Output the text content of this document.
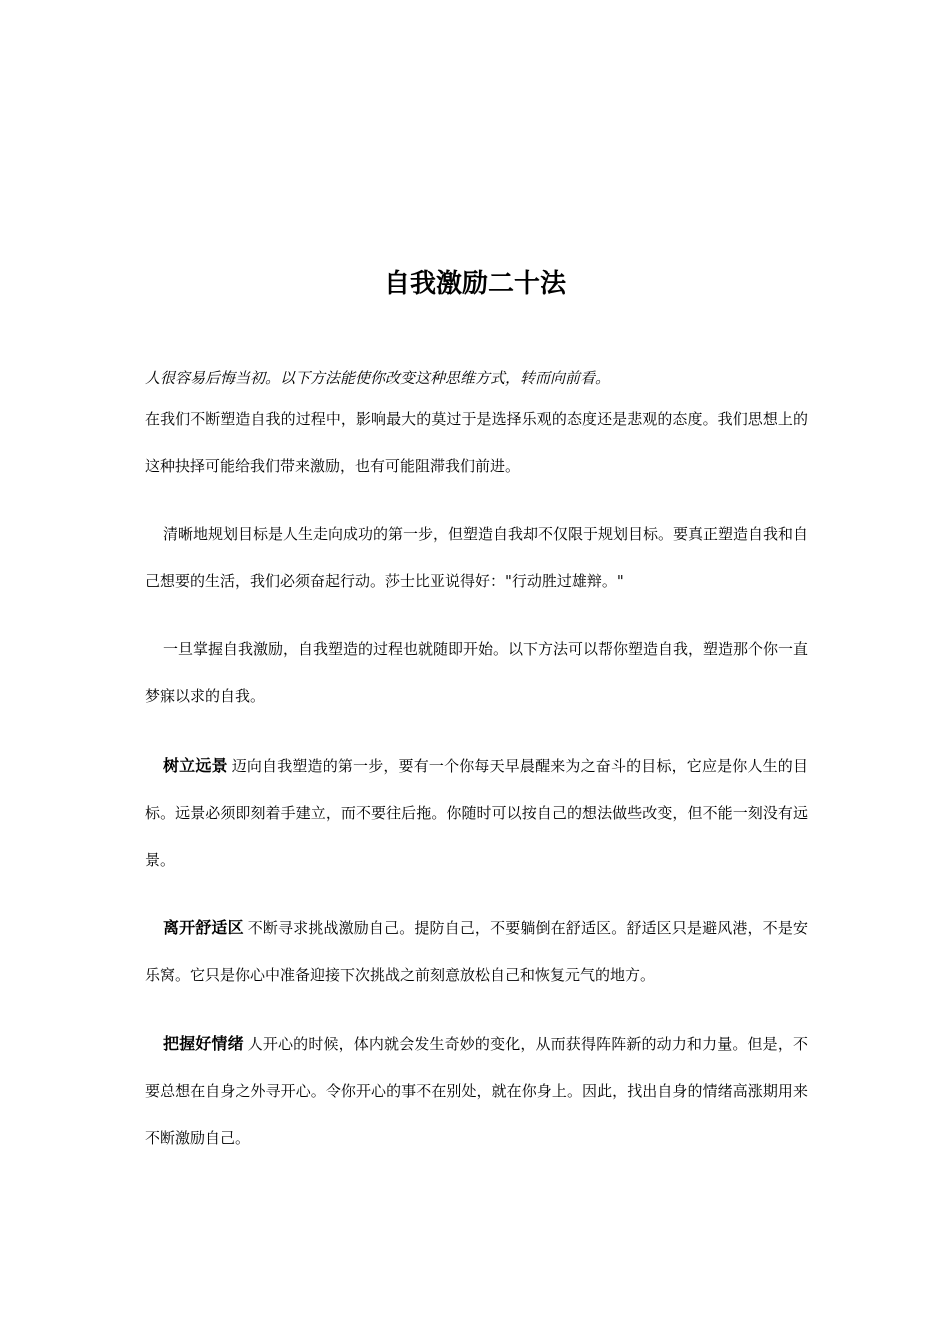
自我激励二十法

人很容易后悔当初。以下方法能使你改变这种思维方式，转而向前看。

在我们不断塑造自我的过程中，影响最大的莫过于是选择乐观的态度还是悲观的态度。我们思想上的这种抉择可能给我们带来激励，也有可能阻滞我们前进。

清晰地规划目标是人生走向成功的第一步，但塑造自我却不仅限于规划目标。要真正塑造自我和自己想要的生活，我们必须奋起行动。莎士比亚说得好："行动胜过雄辩。"

一旦掌握自我激励，自我塑造的过程也就随即开始。以下方法可以帮你塑造自我，塑造那个你一直梦寐以求的自我。

树立远景 迈向自我塑造的第一步，要有一个你每天早晨醒来为之奋斗的目标，它应是你人生的目标。远景必须即刻着手建立，而不要往后拖。你随时可以按自己的想法做些改变，但不能一刻没有远景。

离开舒适区 不断寻求挑战激励自己。提防自己，不要躺倒在舒适区。舒适区只是避风港，不是安乐窝。它只是你心中准备迎接下次挑战之前刻意放松自己和恢复元气的地方。

把握好情绪 人开心的时候，体内就会发生奇妙的变化，从而获得阵阵新的动力和力量。但是，不要总想在自身之外寻开心。令你开心的事不在别处，就在你身上。因此，找出自身的情绪高涨期用来不断激励自己。
